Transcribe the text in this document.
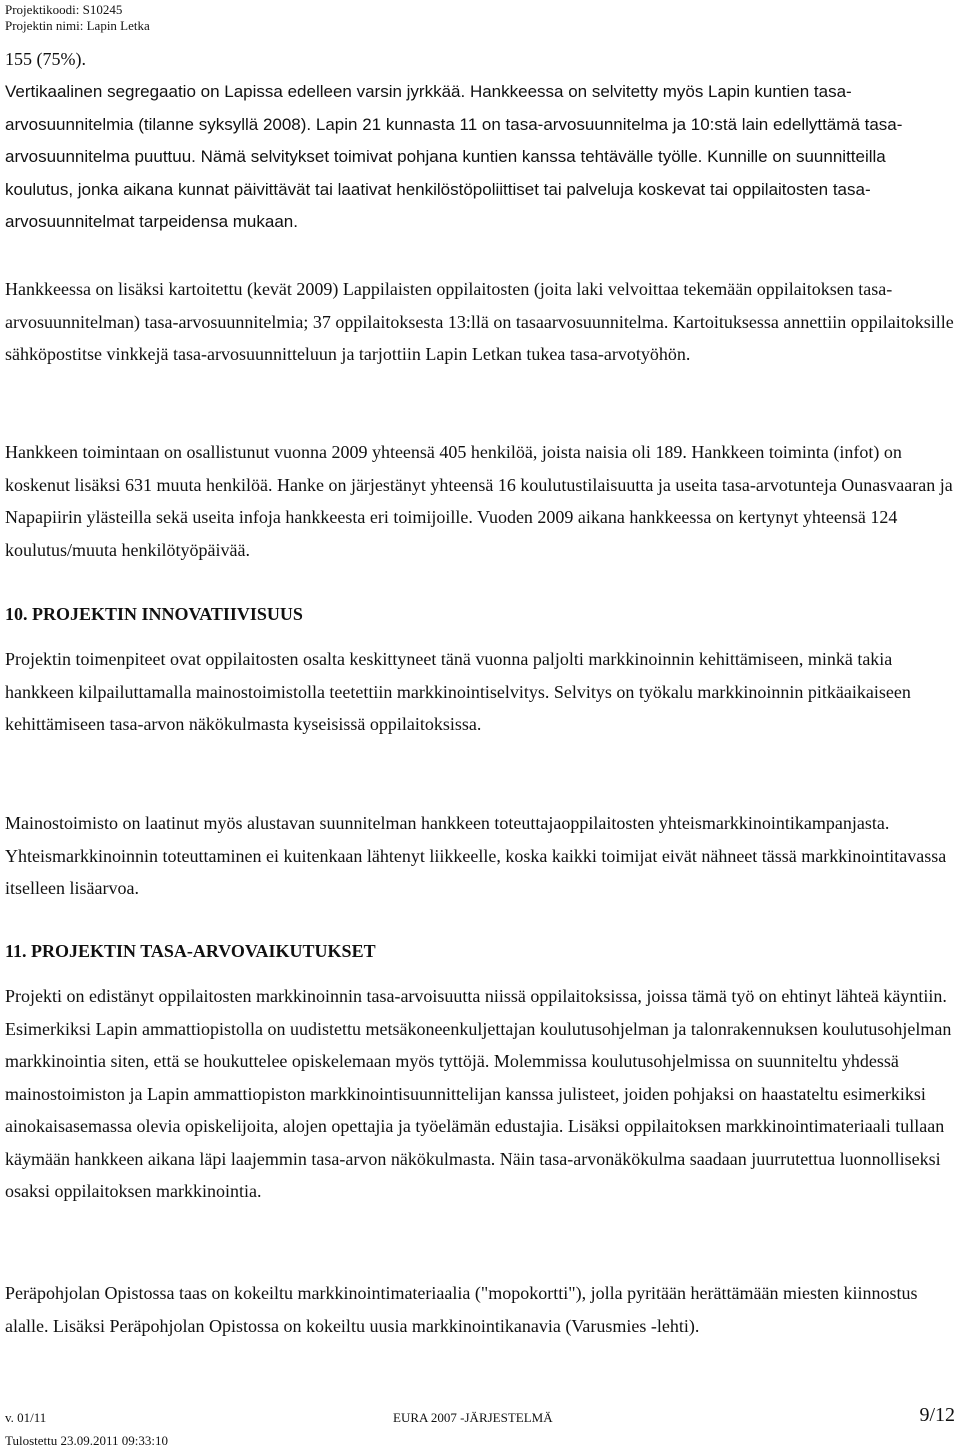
Projektikoodi: S10245
Projektin nimi: Lapin Letka

155 (75%).

Vertikaalinen segregaatio on Lapissa edelleen varsin jyrkkää. Hankkeessa on selvitetty myös Lapin kuntien tasa-arvosuunnitelmia (tilanne syksyllä 2008). Lapin 21 kunnasta 11 on tasa-arvosuunnitelma ja 10:stä lain edellyttämä tasa-arvosuunnitelma puuttuu. Nämä selvitykset toimivat pohjana kuntien kanssa tehtävälle työlle. Kunnille on suunnitteilla koulutus, jonka aikana kunnat päivittävät tai laativat henkilöstöpoliittiset tai palveluja koskevat tai oppilaitosten tasa-arvosuunnitelmat tarpeidensa mukaan.

Hankkeessa on lisäksi kartoitettu (kevät 2009) Lappilaisten oppilaitosten (joita laki velvoittaa tekemään oppilaitoksen tasa-arvosuunnitelman) tasa-arvosuunnitelmia; 37 oppilaitoksesta 13:llä on tasaarvosuunnitelma. Kartoituksessa annettiin oppilaitoksille sähköpostitse vinkkejä tasa-arvosuunnitteluun ja tarjottiin Lapin Letkan tukea tasa-arvotyöhön.

Hankkeen toimintaan on osallistunut vuonna 2009 yhteensä 405 henkilöä, joista naisia oli 189. Hankkeen toiminta (infot) on koskenut lisäksi 631 muuta henkilöä. Hanke on järjestänyt yhteensä 16 koulutustilaisuutta ja useita tasa-arvotunteja Ounasvaaran ja Napapiirin ylästeilla sekä useita infoja hankkeesta eri toimijoille. Vuoden 2009 aikana hankkeessa on kertynyt yhteensä 124 koulutus/muuta henkilötyöpäivää.

10. PROJEKTIN INNOVATIIVISUUS

Projektin toimenpiteet ovat oppilaitosten osalta keskittyneet tänä vuonna paljolti markkinoinnin kehittämiseen, minkä takia hankkeen kilpailuttamalla mainostoimistolla teetettiin markkinointiselvitys. Selvitys on työkalu markkinoinnin pitkäaikaiseen kehittämiseen tasa-arvon näkökulmasta kyseisissä oppilaitoksissa.

Mainostoimisto on laatinut myös alustavan suunnitelman hankkeen toteuttajaoppilaitosten yhteismarkkinointikampanjasta. Yhteismarkkinoinnin toteuttaminen ei kuitenkaan lähtenyt liikkeelle, koska kaikki toimijat eivät nähneet tässä markkinointitavassa itselleen lisäarvoa.

11. PROJEKTIN TASA-ARVOVAIKUTUKSET

Projekti on edistänyt oppilaitosten markkinoinnin tasa-arvoisuutta niissä oppilaitoksissa, joissa tämä työ on ehtinyt lähteä käyntiin. Esimerkiksi Lapin ammattiopistolla on uudistettu metsäkoneenkuljettajan koulutusohjelman ja talonrakennuksen koulutusohjelman markkinointia siten, että se houkuttelee opiskelemaan myös tyttöjä. Molemmissa koulutusohjelmissa on suunniteltu yhdessä mainostoimiston ja Lapin ammattiopiston markkinointisuunnittelijan kanssa julisteet, joiden pohjaksi on haastateltu esimerkiksi ainokaisasemassa olevia opiskelijoita, alojen opettajia ja työelämän edustajia. Lisäksi oppilaitoksen markkinointimateriaali tullaan käymään hankkeen aikana läpi laajemmin tasa-arvon näkökulmasta. Näin tasa-arvonäkökulma saadaan juurrutettua luonnolliseksi osaksi oppilaitoksen markkinointia.

Peräpohjolan Opistossa taas on kokeiltu markkinointimateriaalia ("mopokortti"), jolla pyritään herättämään miesten kiinnostus alalle. Lisäksi Peräpohjolan Opistossa on kokeiltu uusia markkinointikanavia (Varusmies -lehti).

v. 01/11
Tulostettu 23.09.2011 09:33:10
EURA 2007 -JÄRJESTELMÄ	9/12
